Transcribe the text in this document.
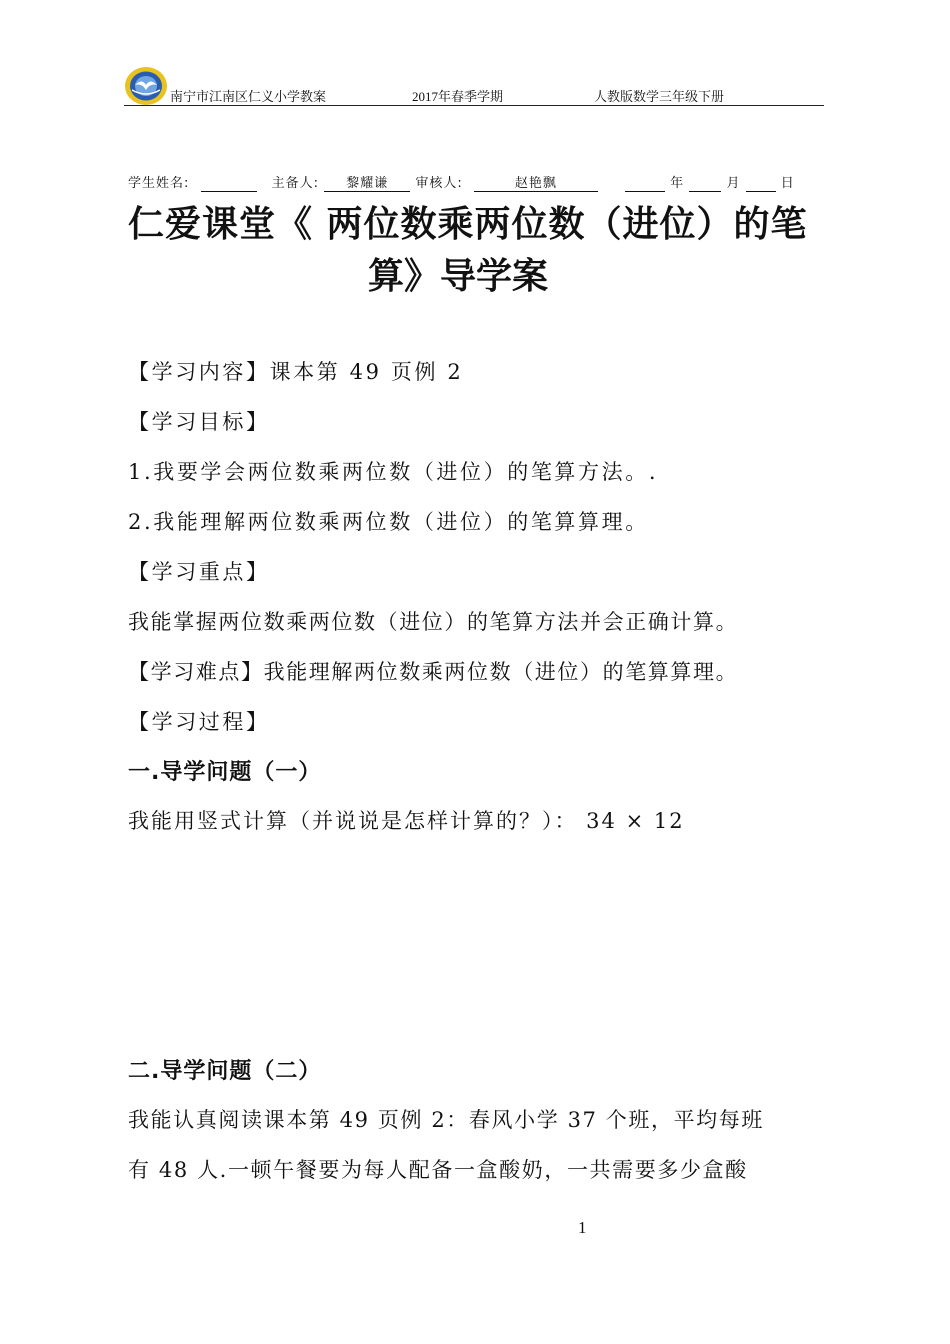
南宁市江南区仁义小学教案	2017年春季学期	人教版数学三年级下册
学生姓名:	主备人: 黎耀谦 审核人:	赵艳飘	年	月	日
仁爱课堂《 两位数乘两位数（进位）的笔
算》导学案
【学习内容】课本第 49 页例 2
【学习目标】
1.我要学会两位数乘两位数（进位）的笔算方法。.
2.我能理解两位数乘两位数（进位）的笔算算理。
【学习重点】
我能掌握两位数乘两位数（进位）的笔算方法并会正确计算。
【学习难点】我能理解两位数乘两位数（进位）的笔算算理。
【学习过程】
一.导学问题（一）
我能用竖式计算（并说说是怎样计算的？）： 34 × 12
二.导学问题（二）
我能认真阅读课本第 49 页例 2：春风小学 37 个班，平均每班
有 48 人.一顿午餐要为每人配备一盒酸奶，一共需要多少盒酸
1
